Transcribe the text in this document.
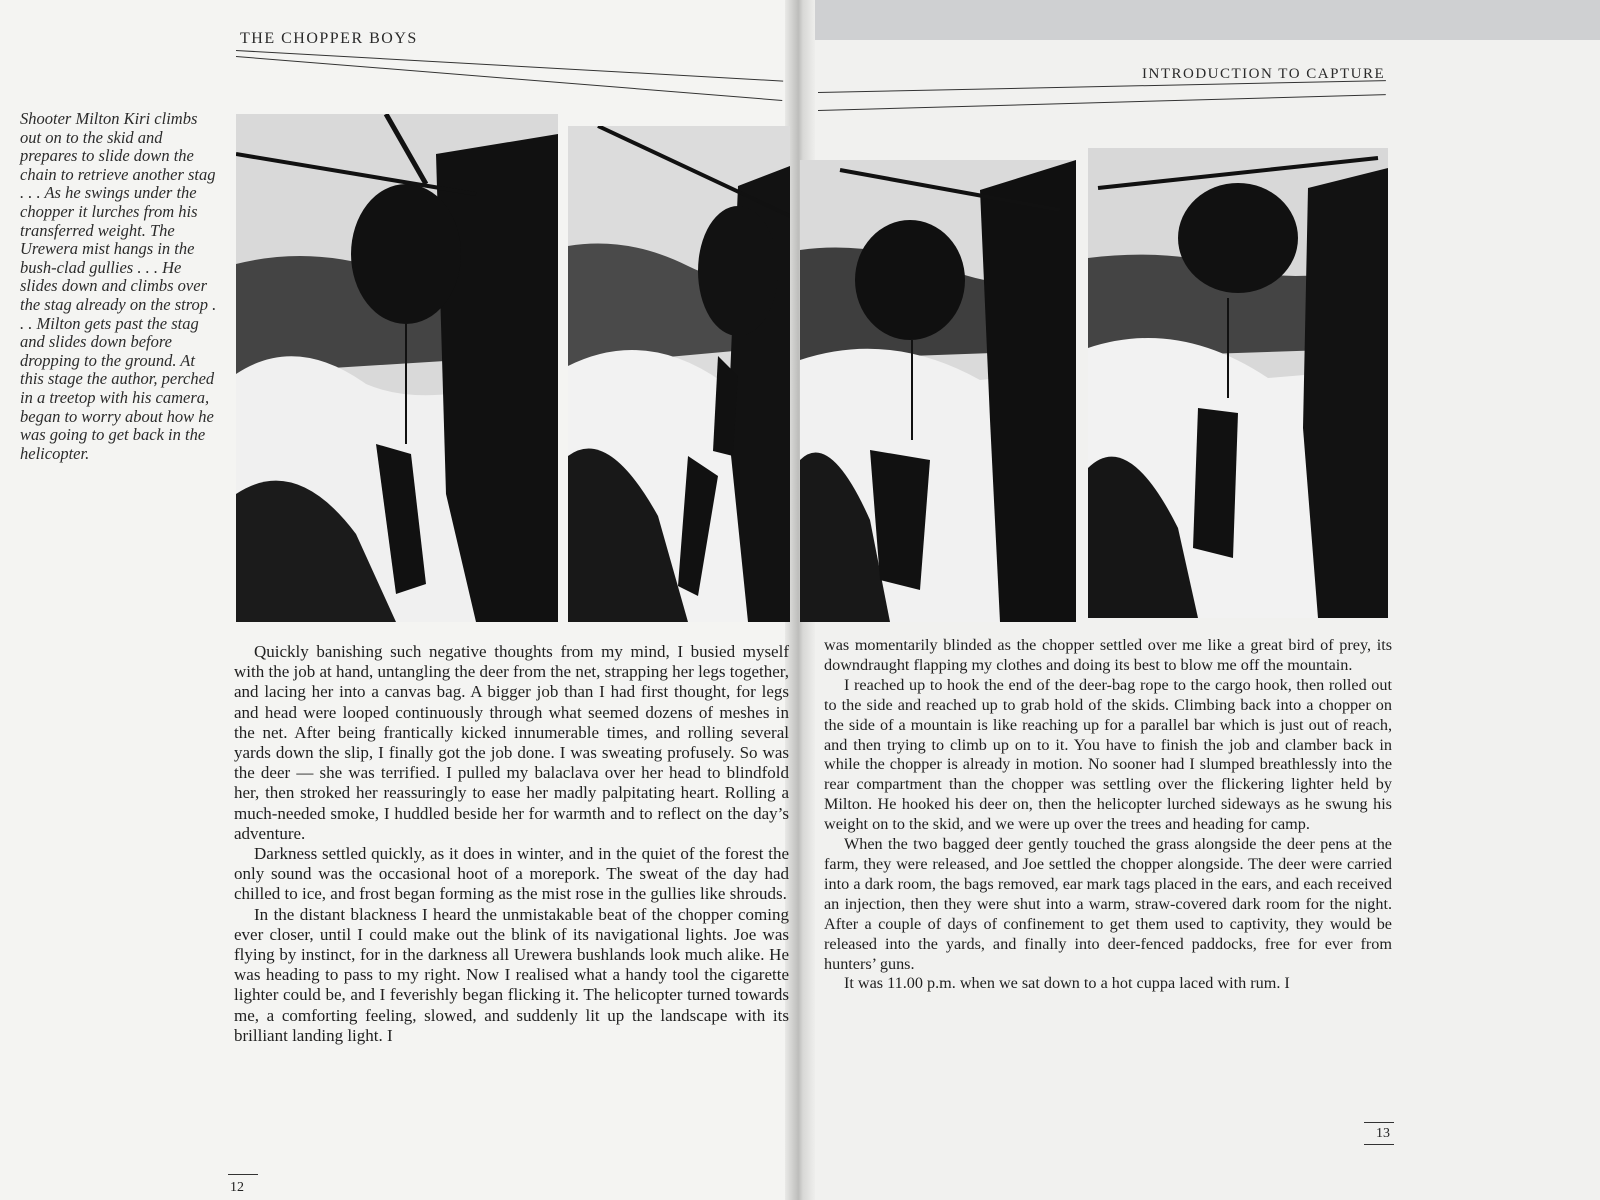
THE CHOPPER BOYS
INTRODUCTION TO CAPTURE
Shooter Milton Kiri climbs out on to the skid and prepares to slide down the chain to retrieve another stag . . . As he swings under the chopper it lurches from his transferred weight. The Urewera mist hangs in the bush-clad gullies . . . He slides down and climbs over the stag already on the strop . . . Milton gets past the stag and slides down before dropping to the ground. At this stage the author, perched in a treetop with his camera, began to worry about how he was going to get back in the helicopter.

Quickly banishing such negative thoughts from my mind, I busied myself with the job at hand, untangling the deer from the net, strapping her legs together, and lacing her into a canvas bag. A bigger job than I had first thought, for legs and head were looped continuously through what seemed dozens of meshes in the net. After being frantically kicked innumerable times, and rolling several yards down the slip, I finally got the job done. I was sweating profusely. So was the deer — she was terrified. I pulled my balaclava over her head to blindfold her, then stroked her reassuringly to ease her madly palpitating heart. Rolling a much-needed smoke, I huddled beside her for warmth and to reflect on the day’s adventure.

Darkness settled quickly, as it does in winter, and in the quiet of the forest the only sound was the occasional hoot of a morepork. The sweat of the day had chilled to ice, and frost began forming as the mist rose in the gullies like shrouds.

In the distant blackness I heard the unmistakable beat of the chopper coming ever closer, until I could make out the blink of its navigational lights. Joe was flying by instinct, for in the darkness all Urewera bushlands look much alike. He was heading to pass to my right. Now I realised what a handy tool the cigarette lighter could be, and I feverishly began flicking it. The helicopter turned towards me, a comforting feeling, slowed, and suddenly lit up the landscape with its brilliant landing light. I

was momentarily blinded as the chopper settled over me like a great bird of prey, its downdraught flapping my clothes and doing its best to blow me off the mountain.

I reached up to hook the end of the deer-bag rope to the cargo hook, then rolled out to the side and reached up to grab hold of the skids. Climbing back into a chopper on the side of a mountain is like reaching up for a parallel bar which is just out of reach, and then trying to climb up on to it. You have to finish the job and clamber back in while the chopper is already in motion. No sooner had I slumped breathlessly into the rear compartment than the chopper was settling over the flickering lighter held by Milton. He hooked his deer on, then the helicopter lurched sideways as he swung his weight on to the skid, and we were up over the trees and heading for camp.

When the two bagged deer gently touched the grass alongside the deer pens at the farm, they were released, and Joe settled the chopper alongside. The deer were carried into a dark room, the bags removed, ear mark tags placed in the ears, and each received an injection, then they were shut into a warm, straw-covered dark room for the night. After a couple of days of confinement to get them used to captivity, they would be released into the yards, and finally into deer-fenced paddocks, free for ever from hunters’ guns.

It was 11.00 p.m. when we sat down to a hot cuppa laced with rum. I

12
13
